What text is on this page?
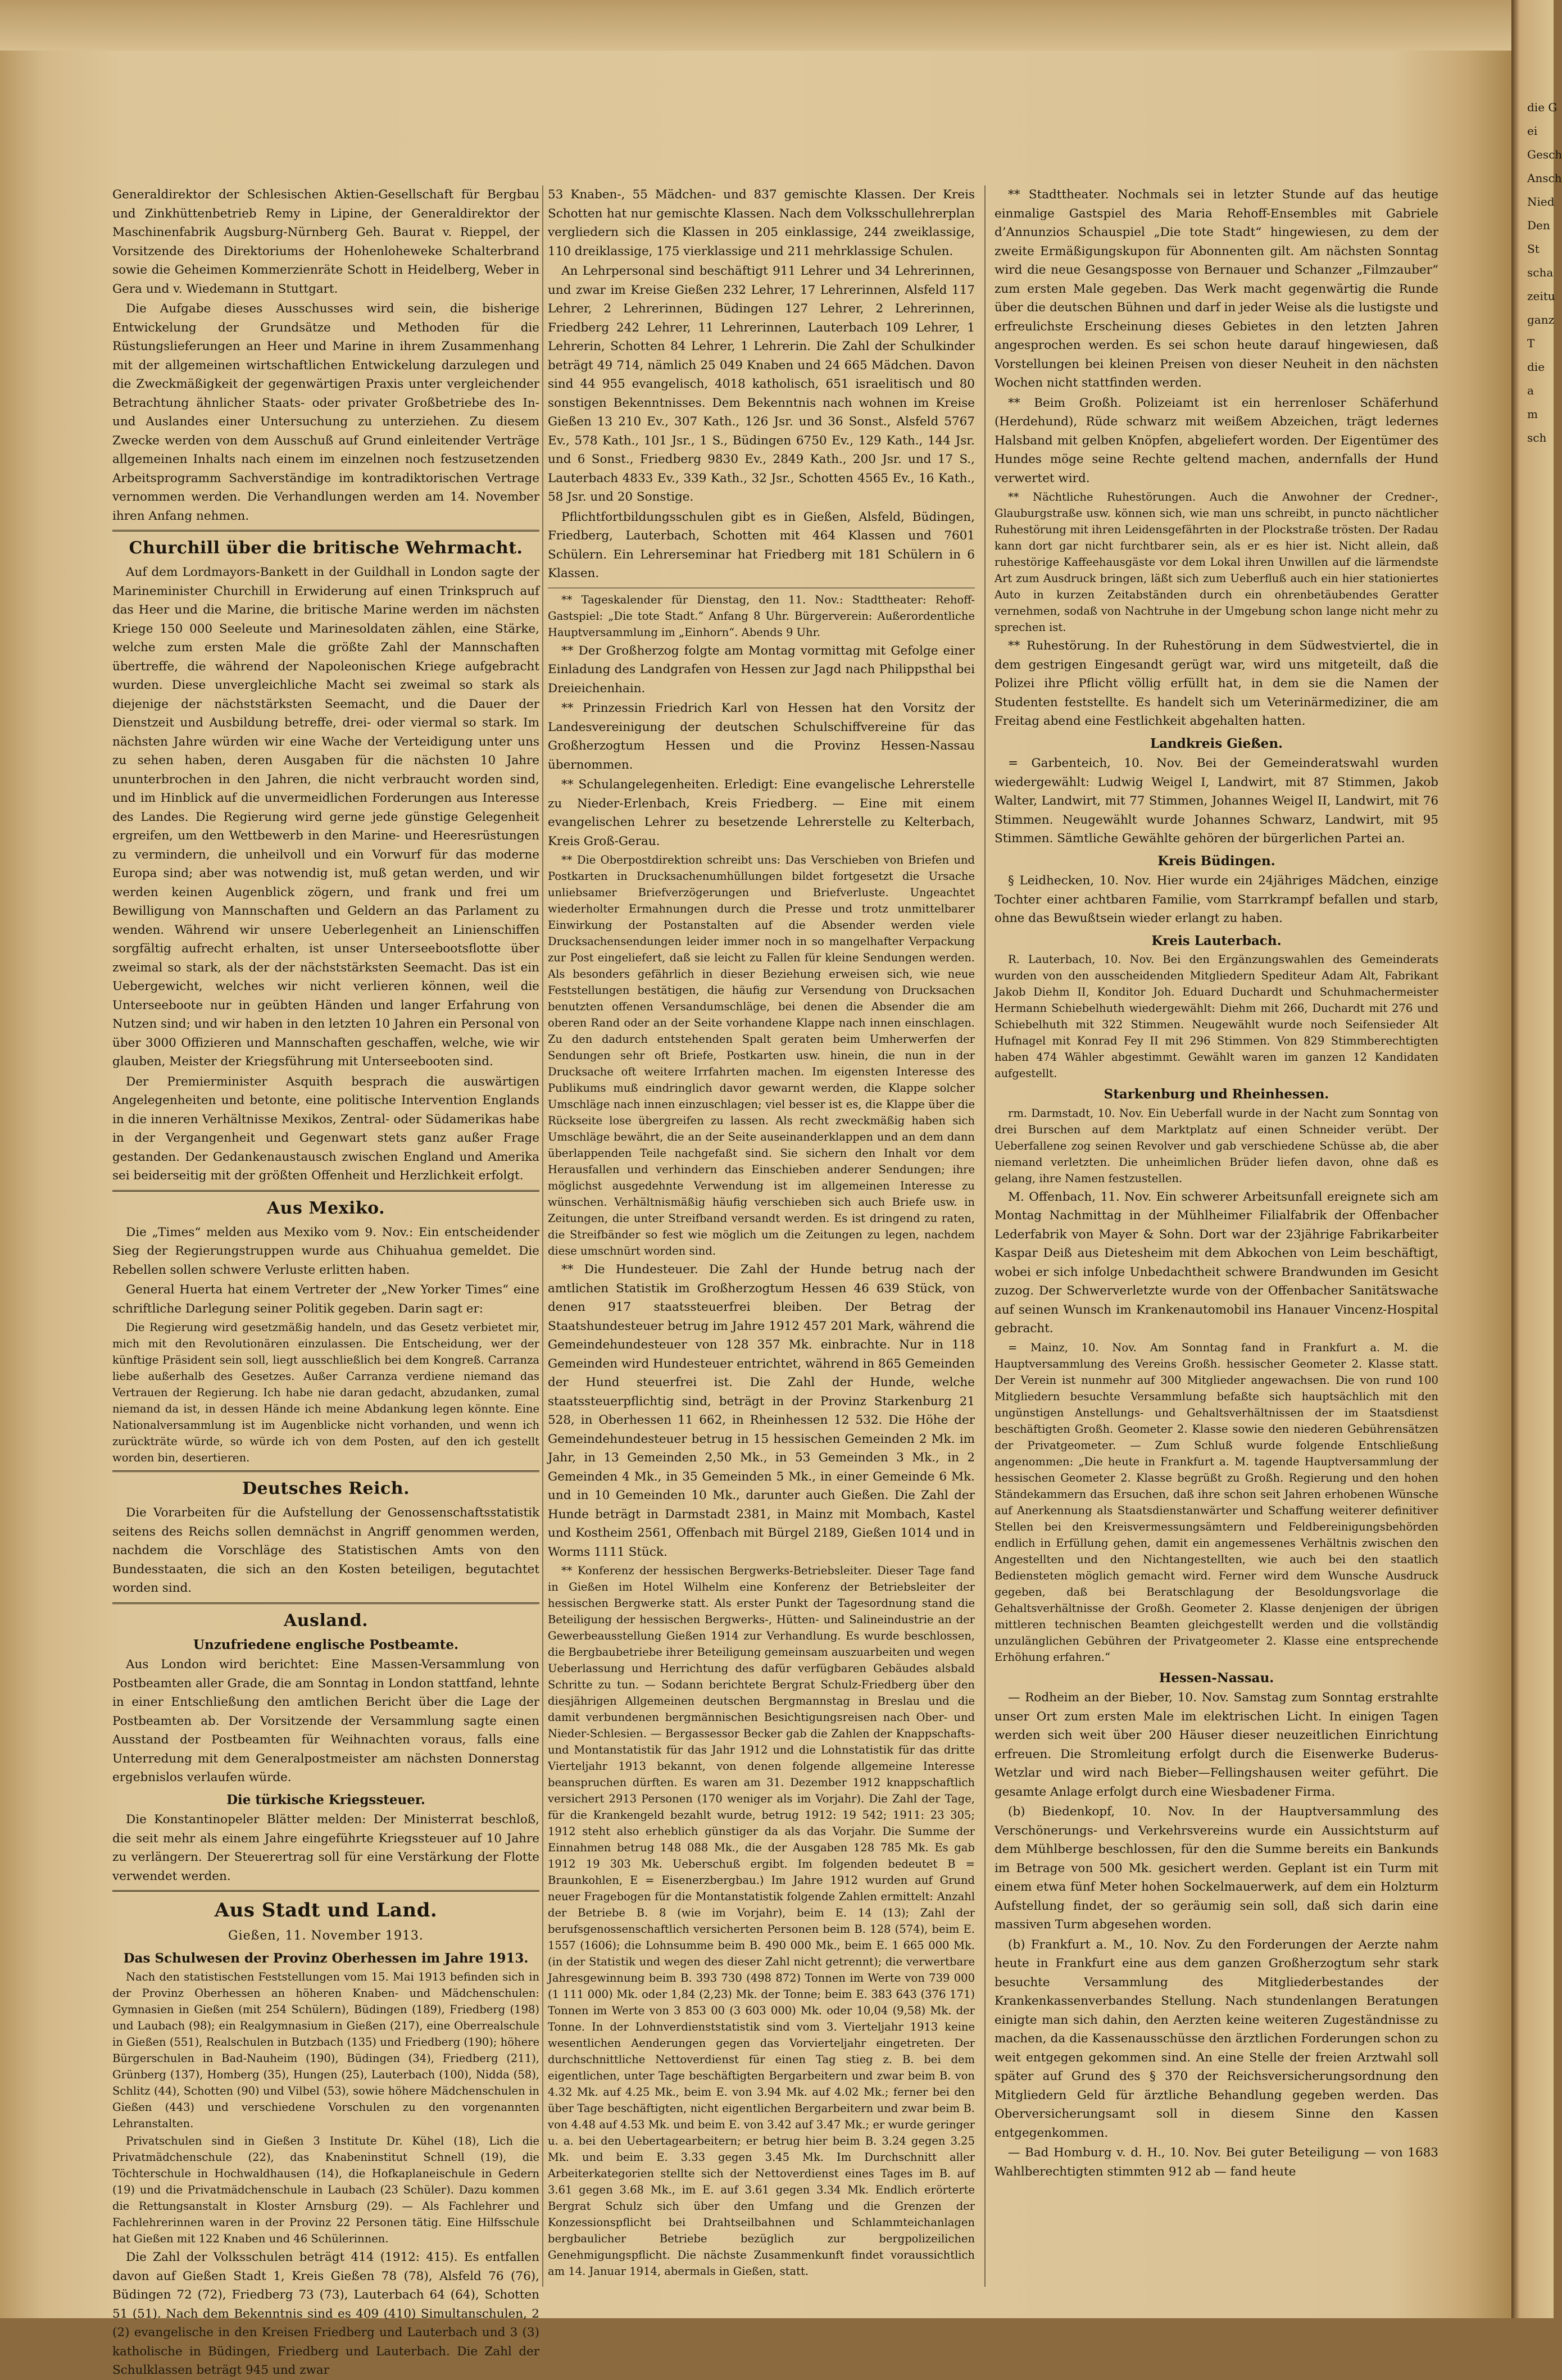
die G
ei
Gesch
Ansch
Nied
Den
St
scha
zeitu
ganz
T
die
a
m
sch

Generaldirektor der Schlesischen Aktien-Gesellschaft für Bergbau und Zinkhüttenbetrieb Remy in Lipine, der Generaldirektor der Maschinenfabrik Augsburg-Nürnberg Geh. Baurat v. Rieppel, der Vorsitzende des Direktoriums der Hohenloheweke Schalterbrand sowie die Geheimen Kommerzienräte Schott in Heidelberg, Weber in Gera und v. Wiedemann in Stuttgart.

Die Aufgabe dieses Ausschusses wird sein, die bisherige Entwickelung der Grundsätze und Methoden für die Rüstungslieferungen an Heer und Marine in ihrem Zusammenhang mit der allgemeinen wirtschaftlichen Entwickelung darzulegen und die Zweckmäßigkeit der gegenwärtigen Praxis unter vergleichender Betrachtung ähnlicher Staats- oder privater Großbetriebe des In- und Auslandes einer Untersuchung zu unterziehen. Zu diesem Zwecke werden von dem Ausschuß auf Grund einleitender Verträge allgemeinen Inhalts nach einem im einzelnen noch festzusetzenden Arbeitsprogramm Sachverständige im kontradiktorischen Vertrage vernommen werden. Die Verhandlungen werden am 14. November ihren Anfang nehmen.

Churchill über die britische Wehrmacht.

Auf dem Lordmayors-Bankett in der Guildhall in London sagte der Marineminister Churchill in Erwiderung auf einen Trinkspruch auf das Heer und die Marine, die britische Marine werden im nächsten Kriege 150 000 Seeleute und Marinesoldaten zählen, eine Stärke, welche zum ersten Male die größte Zahl der Mannschaften übertreffe, die während der Napoleonischen Kriege aufgebracht wurden. Diese unvergleichliche Macht sei zweimal so stark als diejenige der nächststärksten Seemacht, und die Dauer der Dienstzeit und Ausbildung betreffe, drei- oder viermal so stark. Im nächsten Jahre würden wir eine Wache der Verteidigung unter uns zu sehen haben, deren Ausgaben für die nächsten 10 Jahre ununterbrochen in den Jahren, die nicht verbraucht worden sind, und im Hinblick auf die unvermeidlichen Forderungen aus Interesse des Landes. Die Regierung wird gerne jede günstige Gelegenheit ergreifen, um den Wettbewerb in den Marine- und Heeresrüstungen zu vermindern, die unheilvoll und ein Vorwurf für das moderne Europa sind; aber was notwendig ist, muß getan werden, und wir werden keinen Augenblick zögern, und frank und frei um Bewilligung von Mannschaften und Geldern an das Parlament zu wenden. Während wir unsere Ueberlegenheit an Linienschiffen sorgfältig aufrecht erhalten, ist unser Unterseebootsflotte über zweimal so stark, als der der nächststärksten Seemacht. Das ist ein Uebergewicht, welches wir nicht verlieren können, weil die Unterseeboote nur in geübten Händen und langer Erfahrung von Nutzen sind; und wir haben in den letzten 10 Jahren ein Personal von über 3000 Offizieren und Mannschaften geschaffen, welche, wie wir glauben, Meister der Kriegsführung mit Unterseebooten sind.

Der Premierminister Asquith besprach die auswärtigen Angelegenheiten und betonte, eine politische Intervention Englands in die inneren Verhältnisse Mexikos, Zentral- oder Südamerikas habe in der Vergangenheit und Gegenwart stets ganz außer Frage gestanden. Der Gedankenaustausch zwischen England und Amerika sei beiderseitig mit der größten Offenheit und Herzlichkeit erfolgt.

Aus Mexiko.

Die „Times“ melden aus Mexiko vom 9. Nov.: Ein entscheidender Sieg der Regierungstruppen wurde aus Chihuahua gemeldet. Die Rebellen sollen schwere Verluste erlitten haben.

General Huerta hat einem Vertreter der „New Yorker Times“ eine schriftliche Darlegung seiner Politik gegeben. Darin sagt er:

Die Regierung wird gesetzmäßig handeln, und das Gesetz verbietet mir, mich mit den Revolutionären einzulassen. Die Entscheidung, wer der künftige Präsident sein soll, liegt ausschließlich bei dem Kongreß. Carranza liebe außerhalb des Gesetzes. Außer Carranza verdiene niemand das Vertrauen der Regierung. Ich habe nie daran gedacht, abzudanken, zumal niemand da ist, in dessen Hände ich meine Abdankung legen könnte. Eine Nationalversammlung ist im Augenblicke nicht vorhanden, und wenn ich zurückträte würde, so würde ich von dem Posten, auf den ich gestellt worden bin, desertieren.

Deutsches Reich.

Die Vorarbeiten für die Aufstellung der Genossenschaftsstatistik seitens des Reichs sollen demnächst in Angriff genommen werden, nachdem die Vorschläge des Statistischen Amts von den Bundesstaaten, die sich an den Kosten beteiligen, begutachtet worden sind.

Ausland.
Unzufriedene englische Postbeamte.

Aus London wird berichtet: Eine Massen-Versammlung von Postbeamten aller Grade, die am Sonntag in London stattfand, lehnte in einer Entschließung den amtlichen Bericht über die Lage der Postbeamten ab. Der Vorsitzende der Versammlung sagte einen Ausstand der Postbeamten für Weihnachten voraus, falls eine Unterredung mit dem Generalpostmeister am nächsten Donnerstag ergebnislos verlaufen würde.

Die türkische Kriegssteuer.

Die Konstantinopeler Blätter melden: Der Ministerrat beschloß, die seit mehr als einem Jahre eingeführte Kriegssteuer auf 10 Jahre zu verlängern. Der Steuerertrag soll für eine Verstärkung der Flotte verwendet werden.

Aus Stadt und Land.
Gießen, 11. November 1913.
Das Schulwesen der Provinz Oberhessen im Jahre 1913.

Nach den statistischen Feststellungen vom 15. Mai 1913 befinden sich in der Provinz Oberhessen an höheren Knaben- und Mädchenschulen: Gymnasien in Gießen (mit 254 Schülern), Büdingen (189), Friedberg (198) und Laubach (98); ein Realgymnasium in Gießen (217), eine Oberrealschule in Gießen (551), Realschulen in Butzbach (135) und Friedberg (190); höhere Bürgerschulen in Bad-Nauheim (190), Büdingen (34), Friedberg (211), Grünberg (137), Homberg (35), Hungen (25), Lauterbach (100), Nidda (58), Schlitz (44), Schotten (90) und Vilbel (53), sowie höhere Mädchenschulen in Gießen (443) und verschiedene Vorschulen zu den vorgenannten Lehranstalten.

Privatschulen sind in Gießen 3 Institute Dr. Kühel (18), Lich die Privatmädchenschule (22), das Knabeninstitut Schnell (19), die Töchterschule in Hochwaldhausen (14), die Hofkaplaneischule in Gedern (19) und die Privatmädchenschule in Laubach (23 Schüler). Dazu kommen die Rettungsanstalt in Kloster Arnsburg (29). — Als Fachlehrer und Fachlehrerinnen waren in der Provinz 22 Personen tätig. Eine Hilfsschule hat Gießen mit 122 Knaben und 46 Schülerinnen.

Die Zahl der Volksschulen beträgt 414 (1912: 415). Es entfallen davon auf Gießen Stadt 1, Kreis Gießen 78 (78), Alsfeld 76 (76), Büdingen 72 (72), Friedberg 73 (73), Lauterbach 64 (64), Schotten 51 (51). Nach dem Bekenntnis sind es 409 (410) Simultanschulen, 2 (2) evangelische in den Kreisen Friedberg und Lauterbach und 3 (3) katholische in Büdingen, Friedberg und Lauterbach. Die Zahl der Schulklassen beträgt 945 und zwar

53 Knaben-, 55 Mädchen- und 837 gemischte Klassen. Der Kreis Schotten hat nur gemischte Klassen. Nach dem Volksschullehrerplan vergliedern sich die Klassen in 205 einklassige, 244 zweiklassige, 110 dreiklassige, 175 vierklassige und 211 mehrklassige Schulen.

An Lehrpersonal sind beschäftigt 911 Lehrer und 34 Lehrerinnen, und zwar im Kreise Gießen 232 Lehrer, 17 Lehrerinnen, Alsfeld 117 Lehrer, 2 Lehrerinnen, Büdingen 127 Lehrer, 2 Lehrerinnen, Friedberg 242 Lehrer, 11 Lehrerinnen, Lauterbach 109 Lehrer, 1 Lehrerin, Schotten 84 Lehrer, 1 Lehrerin. Die Zahl der Schulkinder beträgt 49 714, nämlich 25 049 Knaben und 24 665 Mädchen. Davon sind 44 955 evangelisch, 4018 katholisch, 651 israelitisch und 80 sonstigen Bekenntnisses. Dem Bekenntnis nach wohnen im Kreise Gießen 13 210 Ev., 307 Kath., 126 Jsr. und 36 Sonst., Alsfeld 5767 Ev., 578 Kath., 101 Jsr., 1 S., Büdingen 6750 Ev., 129 Kath., 144 Jsr. und 6 Sonst., Friedberg 9830 Ev., 2849 Kath., 200 Jsr. und 17 S., Lauterbach 4833 Ev., 339 Kath., 32 Jsr., Schotten 4565 Ev., 16 Kath., 58 Jsr. und 20 Sonstige.

Pflichtfortbildungsschulen gibt es in Gießen, Alsfeld, Büdingen, Friedberg, Lauterbach, Schotten mit 464 Klassen und 7601 Schülern. Ein Lehrerseminar hat Friedberg mit 181 Schülern in 6 Klassen.

** Tageskalender für Dienstag, den 11. Nov.: Stadttheater: Rehoff-Gastspiel: „Die tote Stadt.“ Anfang 8 Uhr. Bürgerverein: Außerordentliche Hauptversammlung im „Einhorn“. Abends 9 Uhr.

** Der Großherzog folgte am Montag vormittag mit Gefolge einer Einladung des Landgrafen von Hessen zur Jagd nach Philippsthal bei Dreieichenhain.

** Prinzessin Friedrich Karl von Hessen hat den Vorsitz der Landesvereinigung der deutschen Schulschiffvereine für das Großherzogtum Hessen und die Provinz Hessen-Nassau übernommen.

** Schulangelegenheiten. Erledigt: Eine evangelische Lehrerstelle zu Nieder-Erlenbach, Kreis Friedberg. — Eine mit einem evangelischen Lehrer zu besetzende Lehrerstelle zu Kelterbach, Kreis Groß-Gerau.

** Die Oberpostdirektion schreibt uns: Das Verschieben von Briefen und Postkarten in Drucksachenumhüllungen bildet fortgesetzt die Ursache unliebsamer Briefverzögerungen und Briefverluste. Ungeachtet wiederholter Ermahnungen durch die Presse und trotz unmittelbarer Einwirkung der Postanstalten auf die Absender werden viele Drucksachensendungen leider immer noch in so mangelhafter Verpackung zur Post eingeliefert, daß sie leicht zu Fallen für kleine Sendungen werden. Als besonders gefährlich in dieser Beziehung erweisen sich, wie neue Feststellungen bestätigen, die häufig zur Versendung von Drucksachen benutzten offenen Versandumschläge, bei denen die Absender die am oberen Rand oder an der Seite vorhandene Klappe nach innen einschlagen. Zu den dadurch entstehenden Spalt geraten beim Umherwerfen der Sendungen sehr oft Briefe, Postkarten usw. hinein, die nun in der Drucksache oft weitere Irrfahrten machen. Im eigensten Interesse des Publikums muß eindringlich davor gewarnt werden, die Klappe solcher Umschläge nach innen einzuschlagen; viel besser ist es, die Klappe über die Rückseite lose übergreifen zu lassen. Als recht zweckmäßig haben sich Umschläge bewährt, die an der Seite auseinanderklappen und an dem dann überlappenden Teile nachgefaßt sind. Sie sichern den Inhalt vor dem Herausfallen und verhindern das Einschieben anderer Sendungen; ihre möglichst ausgedehnte Verwendung ist im allgemeinen Interesse zu wünschen. Verhältnismäßig häufig verschieben sich auch Briefe usw. in Zeitungen, die unter Streifband versandt werden. Es ist dringend zu raten, die Streifbänder so fest wie möglich um die Zeitungen zu legen, nachdem diese umschnürt worden sind.

** Die Hundesteuer. Die Zahl der Hunde betrug nach der amtlichen Statistik im Großherzogtum Hessen 46 639 Stück, von denen 917 staatssteuerfrei bleiben. Der Betrag der Staatshundesteuer betrug im Jahre 1912 457 201 Mark, während die Gemeindehundesteuer von 128 357 Mk. einbrachte. Nur in 118 Gemeinden wird Hundesteuer entrichtet, während in 865 Gemeinden der Hund steuerfrei ist. Die Zahl der Hunde, welche staatssteuerpflichtig sind, beträgt in der Provinz Starkenburg 21 528, in Oberhessen 11 662, in Rheinhessen 12 532. Die Höhe der Gemeindehundesteuer betrug in 15 hessischen Gemeinden 2 Mk. im Jahr, in 13 Gemeinden 2,50 Mk., in 53 Gemeinden 3 Mk., in 2 Gemeinden 4 Mk., in 35 Gemeinden 5 Mk., in einer Gemeinde 6 Mk. und in 10 Gemeinden 10 Mk., darunter auch Gießen. Die Zahl der Hunde beträgt in Darmstadt 2381, in Mainz mit Mombach, Kastel und Kostheim 2561, Offenbach mit Bürgel 2189, Gießen 1014 und in Worms 1111 Stück.

** Konferenz der hessischen Bergwerks-Betriebsleiter. Dieser Tage fand in Gießen im Hotel Wilhelm eine Konferenz der Betriebsleiter der hessischen Bergwerke statt. Als erster Punkt der Tagesordnung stand die Beteiligung der hessischen Bergwerks-, Hütten- und Salineindustrie an der Gewerbeausstellung Gießen 1914 zur Verhandlung. Es wurde beschlossen, die Bergbaubetriebe ihrer Beteiligung gemeinsam auszuarbeiten und wegen Ueberlassung und Herrichtung des dafür verfügbaren Gebäudes alsbald Schritte zu tun. — Sodann berichtete Bergrat Schulz-Friedberg über den diesjährigen Allgemeinen deutschen Bergmannstag in Breslau und die damit verbundenen bergmännischen Besichtigungsreisen nach Ober- und Nieder-Schlesien. — Bergassessor Becker gab die Zahlen der Knappschafts- und Montanstatistik für das Jahr 1912 und die Lohnstatistik für das dritte Vierteljahr 1913 bekannt, von denen folgende allgemeine Interesse beanspruchen dürften. Es waren am 31. Dezember 1912 knappschaftlich versichert 2913 Personen (170 weniger als im Vorjahr). Die Zahl der Tage, für die Krankengeld bezahlt wurde, betrug 1912: 19 542; 1911: 23 305; 1912 steht also erheblich günstiger da als das Vorjahr. Die Summe der Einnahmen betrug 148 088 Mk., die der Ausgaben 128 785 Mk. Es gab 1912 19 303 Mk. Ueberschuß ergibt. Im folgenden bedeutet B = Braunkohlen, E = Eisenerzbergbau.) Im Jahre 1912 wurden auf Grund neuer Fragebogen für die Montanstatistik folgende Zahlen ermittelt: Anzahl der Betriebe B. 8 (wie im Vorjahr), beim E. 14 (13); Zahl der berufsgenossenschaftlich versicherten Personen beim B. 128 (574), beim E. 1557 (1606); die Lohnsumme beim B. 490 000 Mk., beim E. 1 665 000 Mk. (in der Statistik und wegen des dieser Zahl nicht getrennt); die verwertbare Jahresgewinnung beim B. 393 730 (498 872) Tonnen im Werte von 739 000 (1 111 000) Mk. oder 1,84 (2,23) Mk. der Tonne; beim E. 383 643 (376 171) Tonnen im Werte von 3 853 00 (3 603 000) Mk. oder 10,04 (9,58) Mk. der Tonne. In der Lohnverdienststatistik sind vom 3. Vierteljahr 1913 keine wesentlichen Aenderungen gegen das Vorvierteljahr eingetreten. Der durchschnittliche Nettoverdienst für einen Tag stieg z. B. bei dem eigentlichen, unter Tage beschäftigten Bergarbeitern und zwar beim B. von 4.32 Mk. auf 4.25 Mk., beim E. von 3.94 Mk. auf 4.02 Mk.; ferner bei den über Tage beschäftigten, nicht eigentlichen Bergarbeitern und zwar beim B. von 4.48 auf 4.53 Mk. und beim E. von 3.42 auf 3.47 Mk.; er wurde geringer u. a. bei den Uebertagearbeitern; er betrug hier beim B. 3.24 gegen 3.25 Mk. und beim E. 3.33 gegen 3.45 Mk. Im Durchschnitt aller Arbeiterkategorien stellte sich der Nettoverdienst eines Tages im B. auf 3.61 gegen 3.68 Mk., im E. auf 3.61 gegen 3.34 Mk. Endlich erörterte Bergrat Schulz sich über den Umfang und die Grenzen der Konzessionspflicht bei Drahtseilbahnen und Schlammteichanlagen bergbaulicher Betriebe bezüglich zur bergpolizeilichen Genehmigungspflicht. Die nächste Zusammenkunft findet voraussichtlich am 14. Januar 1914, abermals in Gießen, statt.

** Stadttheater. Nochmals sei in letzter Stunde auf das heutige einmalige Gastspiel des Maria Rehoff-Ensembles mit Gabriele d’Annunzios Schauspiel „Die tote Stadt“ hingewiesen, zu dem der zweite Ermäßigungskupon für Abonnenten gilt. Am nächsten Sonntag wird die neue Gesangsposse von Bernauer und Schanzer „Filmzauber“ zum ersten Male gegeben. Das Werk macht gegenwärtig die Runde über die deutschen Bühnen und darf in jeder Weise als die lustigste und erfreulichste Erscheinung dieses Gebietes in den letzten Jahren angesprochen werden. Es sei schon heute darauf hingewiesen, daß Vorstellungen bei kleinen Preisen von dieser Neuheit in den nächsten Wochen nicht stattfinden werden.

** Beim Großh. Polizeiamt ist ein herrenloser Schäferhund (Herdehund), Rüde schwarz mit weißem Abzeichen, trägt ledernes Halsband mit gelben Knöpfen, abgeliefert worden. Der Eigentümer des Hundes möge seine Rechte geltend machen, andernfalls der Hund verwertet wird.

** Nächtliche Ruhestörungen. Auch die Anwohner der Credner-, Glauburgstraße usw. können sich, wie man uns schreibt, in puncto nächtlicher Ruhestörung mit ihren Leidensgefährten in der Plockstraße trösten. Der Radau kann dort gar nicht furchtbarer sein, als er es hier ist. Nicht allein, daß ruhestörige Kaffeehausgäste vor dem Lokal ihren Unwillen auf die lärmendste Art zum Ausdruck bringen, läßt sich zum Ueberfluß auch ein hier stationiertes Auto in kurzen Zeitabständen durch ein ohrenbetäubendes Geratter vernehmen, sodaß von Nachtruhe in der Umgebung schon lange nicht mehr zu sprechen ist.

** Ruhestörung. In der Ruhestörung in dem Südwestviertel, die in dem gestrigen Eingesandt gerügt war, wird uns mitgeteilt, daß die Polizei ihre Pflicht völlig erfüllt hat, in dem sie die Namen der Studenten feststellte. Es handelt sich um Veterinärmediziner, die am Freitag abend eine Festlichkeit abgehalten hatten.

Landkreis Gießen.

= Garbenteich, 10. Nov. Bei der Gemeinderatswahl wurden wiedergewählt: Ludwig Weigel I, Landwirt, mit 87 Stimmen, Jakob Walter, Landwirt, mit 77 Stimmen, Johannes Weigel II, Landwirt, mit 76 Stimmen. Neugewählt wurde Johannes Schwarz, Landwirt, mit 95 Stimmen. Sämtliche Gewählte gehören der bürgerlichen Partei an.

Kreis Büdingen.

§ Leidhecken, 10. Nov. Hier wurde ein 24jähriges Mädchen, einzige Tochter einer achtbaren Familie, vom Starrkrampf befallen und starb, ohne das Bewußtsein wieder erlangt zu haben.

Kreis Lauterbach.

R. Lauterbach, 10. Nov. Bei den Ergänzungswahlen des Gemeinderats wurden von den ausscheidenden Mitgliedern Spediteur Adam Alt, Fabrikant Jakob Diehm II, Konditor Joh. Eduard Duchardt und Schuhmachermeister Hermann Schiebelhuth wiedergewählt: Diehm mit 266, Duchardt mit 276 und Schiebelhuth mit 322 Stimmen. Neugewählt wurde noch Seifensieder Alt Hufnagel mit Konrad Fey II mit 296 Stimmen. Von 829 Stimmberechtigten haben 474 Wähler abgestimmt. Gewählt waren im ganzen 12 Kandidaten aufgestellt.

Starkenburg und Rheinhessen.

rm. Darmstadt, 10. Nov. Ein Ueberfall wurde in der Nacht zum Sonntag von drei Burschen auf dem Marktplatz auf einen Schneider verübt. Der Ueberfallene zog seinen Revolver und gab verschiedene Schüsse ab, die aber niemand verletzten. Die unheimlichen Brüder liefen davon, ohne daß es gelang, ihre Namen festzustellen.

M. Offenbach, 11. Nov. Ein schwerer Arbeitsunfall ereignete sich am Montag Nachmittag in der Mühlheimer Filialfabrik der Offenbacher Lederfabrik von Mayer & Sohn. Dort war der 23jährige Fabrikarbeiter Kaspar Deiß aus Dietesheim mit dem Abkochen von Leim beschäftigt, wobei er sich infolge Unbedachtheit schwere Brandwunden im Gesicht zuzog. Der Schwerverletzte wurde von der Offenbacher Sanitätswache auf seinen Wunsch im Krankenautomobil ins Hanauer Vincenz-Hospital gebracht.

= Mainz, 10. Nov. Am Sonntag fand in Frankfurt a. M. die Hauptversammlung des Vereins Großh. hessischer Geometer 2. Klasse statt. Der Verein ist nunmehr auf 300 Mitglieder angewachsen. Die von rund 100 Mitgliedern besuchte Versammlung befaßte sich hauptsächlich mit den ungünstigen Anstellungs- und Gehaltsverhältnissen der im Staatsdienst beschäftigten Großh. Geometer 2. Klasse sowie den niederen Gebührensätzen der Privatgeometer. — Zum Schluß wurde folgende Entschließung angenommen: „Die heute in Frankfurt a. M. tagende Hauptversammlung der hessischen Geometer 2. Klasse begrüßt zu Großh. Regierung und den hohen Ständekammern das Ersuchen, daß ihre schon seit Jahren erhobenen Wünsche auf Anerkennung als Staatsdienstanwärter und Schaffung weiterer definitiver Stellen bei den Kreisvermessungsämtern und Feldbereinigungsbehörden endlich in Erfüllung gehen, damit ein angemessenes Verhältnis zwischen den Angestellten und den Nichtangestellten, wie auch bei den staatlich Bediensteten möglich gemacht wird. Ferner wird dem Wunsche Ausdruck gegeben, daß bei Beratschlagung der Besoldungsvorlage die Gehaltsverhältnisse der Großh. Geometer 2. Klasse denjenigen der übrigen mittleren technischen Beamten gleichgestellt werden und die vollständig unzulänglichen Gebühren der Privatgeometer 2. Klasse eine entsprechende Erhöhung erfahren.“

Hessen-Nassau.

— Rodheim an der Bieber, 10. Nov. Samstag zum Sonntag erstrahlte unser Ort zum ersten Male im elektrischen Licht. In einigen Tagen werden sich weit über 200 Häuser dieser neuzeitlichen Einrichtung erfreuen. Die Stromleitung erfolgt durch die Eisenwerke Buderus-Wetzlar und wird nach Bieber—Fellingshausen weiter geführt. Die gesamte Anlage erfolgt durch eine Wiesbadener Firma.

(b) Biedenkopf, 10. Nov. In der Hauptversammlung des Verschönerungs- und Verkehrsvereins wurde ein Aussichtsturm auf dem Mühlberge beschlossen, für den die Summe bereits ein Bankunds im Betrage von 500 Mk. gesichert werden. Geplant ist ein Turm mit einem etwa fünf Meter hohen Sockelmauerwerk, auf dem ein Holzturm Aufstellung findet, der so geräumig sein soll, daß sich darin eine massiven Turm abgesehen worden.

(b) Frankfurt a. M., 10. Nov. Zu den Forderungen der Aerzte nahm heute in Frankfurt eine aus dem ganzen Großherzogtum sehr stark besuchte Versammlung des Mitgliederbestandes der Krankenkassenverbandes Stellung. Nach stundenlangen Beratungen einigte man sich dahin, den Aerzten keine weiteren Zugeständnisse zu machen, da die Kassenausschüsse den ärztlichen Forderungen schon zu weit entgegen gekommen sind. An eine Stelle der freien Arztwahl soll später auf Grund des § 370 der Reichsversicherungsordnung den Mitgliedern Geld für ärztliche Behandlung gegeben werden. Das Oberversicherungsamt soll in diesem Sinne den Kassen entgegenkommen.

— Bad Homburg v. d. H., 10. Nov. Bei guter Beteiligung — von 1683 Wahlberechtigten stimmten 912 ab — fand heute
